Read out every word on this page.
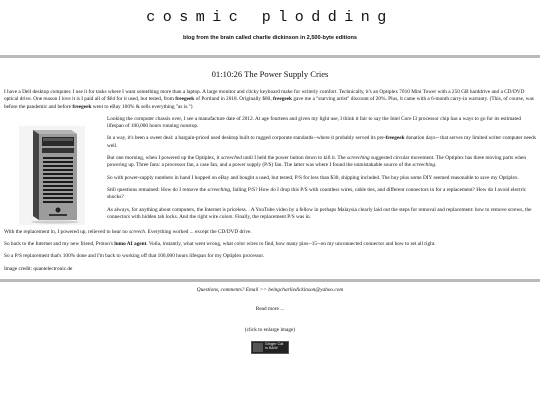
cosmic plodding
blog from the brain called charlie dickinson in 2,500-byte editions
01:10:26 The Power Supply Cries

I have a Dell desktop computer. I use it for tasks where I want something more than a laptop. A large monitor and clicky keyboard make for writerly comfort. Technically, it's an Optiplex 7010 Mini Tower with a 250 GB harddrive and a CD/DVD optical drive. One reason I love it is I paid all of $64 for it used, but tested, from freegeek of Portland in 2018. Originally $80, freegeek gave me a "starving artist" discount of 20%. Plus, it came with a 6-month carry-in warranty. (This, of course, was before the pandemic and before freegeek went to eBay 100% & sells everything "as is.")

Looking the computer chassis over, I see a manufacture date of 2012. At age fourteen and given my light use, I think it fair to say the Intel Core I3 processor chip has a ways to go for its estimated lifespan of 100,000 hours running nonstop.

In a way, it's been a sweet deal: a bargain-priced used desktop built to rugged corporate standards--where it probably served its pre-freegeek donation days-- that serves my limited writer computer needs well.

But one morning, when I powered up the Optiplex, it screeched until I held the power button down to kill it. The screeching suggested circular movement. The Optiplex has three moving parts when powering up. Three fans: a processor fan, a case fan, and a power supply (P/S) fan. The latter was where I found the unmistakable source of the screeching.

So with power-supply numbers in hand I hopped on eBay and bought a used, but tested, P/S for less than $30, shipping included. The buy plus some DIY seemed reasonable to save my Optiplex.

Still questions remained: How do I remove the screeching, failing P/S? How do I drop this P/S with countless wires, cable ties, and different connectors in for a replacement? How do I avoid electric shocks?

As always, for anything about computers, the Internet is priceless. . A YouTube video by a fellow in perhaps Malaysia clearly laid out the steps for removal and replacement: how to remove screws, the connectors with hidden tab locks. And the right wire colors. Finally, the replacement P/S was in.

With the replacement in, I powered up, relieved to hear no screech. Everything worked ... except the CD/DVD drive.

So back to the Internet and my new friend, Proton's lumo AI agent. Voila, instantly, what went wrong, what color wires to find, how many pins--15--on my unconnected connector and how to set all right.

So a P/S replacement that's 100% done and I'm back to working off that 100,000 hours lifespan for my Optiplex processor.

Image credit: quantelectronic.de

Questions, comments? Email >> beingcharliedickinson@yahoo.com
Read more ...
(click to enlarge image)
Ginger Cat
in B&W
